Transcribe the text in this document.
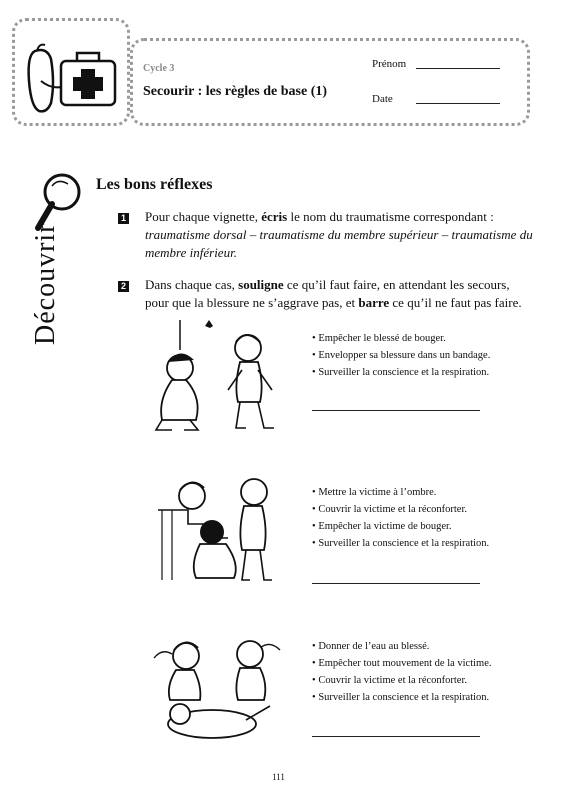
Cycle 3
Secourir : les règles de base (1)
Prénom
Date
Découvrir
Les bons réflexes
1 Pour chaque vignette, écris le nom du traumatisme correspondant :
traumatisme dorsal – traumatisme du membre supérieur – traumatisme du membre inférieur.
2 Dans chaque cas, souligne ce qu’il faut faire, en attendant les secours, pour que la blessure ne s’aggrave pas, et barre ce qu’il ne faut pas faire.
• Empêcher le blessé de bouger.
• Envelopper sa blessure dans un bandage.
• Surveiller la conscience et la respiration.
• Mettre la victime à l’ombre.
• Couvrir la victime et la réconforter.
• Empêcher la victime de bouger.
• Surveiller la conscience et la respiration.
• Donner de l’eau au blessé.
• Empêcher tout mouvement de la victime.
• Couvrir la victime et la réconforter.
• Surveiller la conscience et la respiration.
111
